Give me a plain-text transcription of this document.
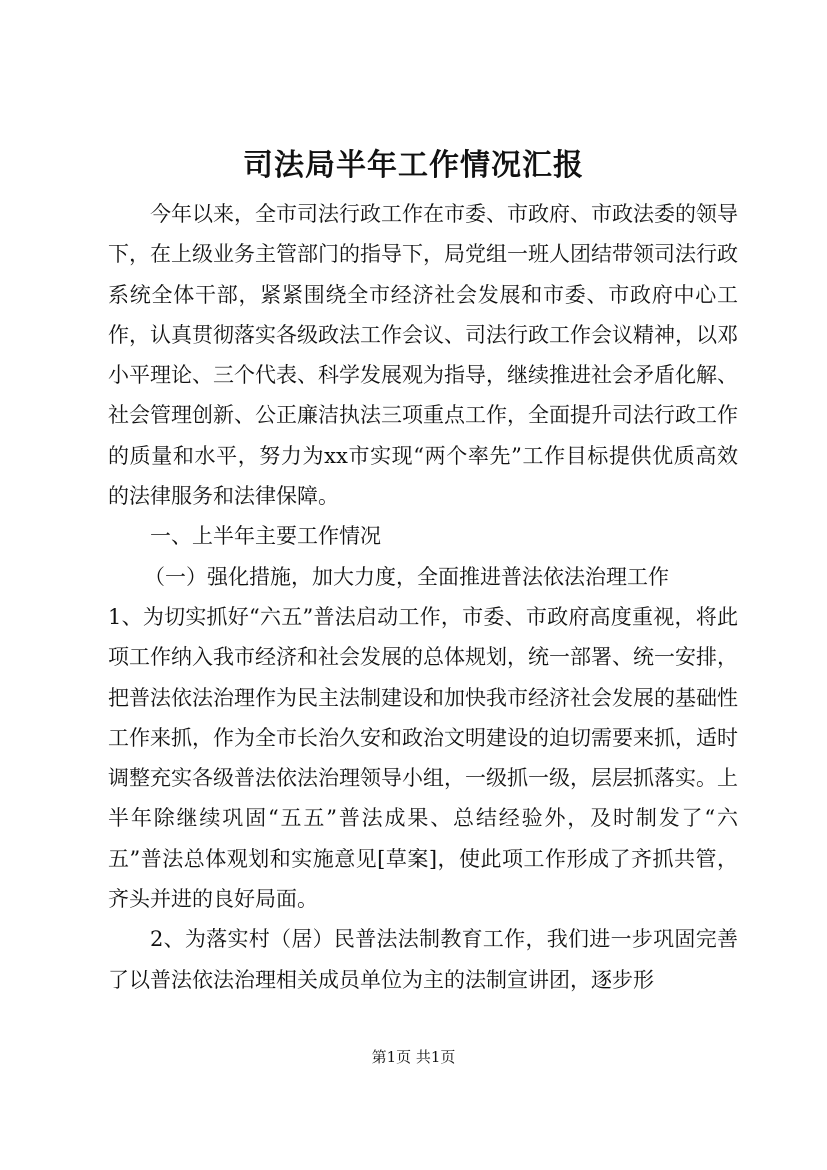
司法局半年工作情况汇报

今年以来，全市司法行政工作在市委、市政府、市政法委的领导下，在上级业务主管部门的指导下，局党组一班人团结带领司法行政系统全体干部，紧紧围绕全市经济社会发展和市委、市政府中心工作，认真贯彻落实各级政法工作会议、司法行政工作会议精神，以邓小平理论、三个代表、科学发展观为指导，继续推进社会矛盾化解、社会管理创新、公正廉洁执法三项重点工作，全面提升司法行政工作的质量和水平，努力为xx市实现“两个率先”工作目标提供优质高效的法律服务和法律保障。

一、上半年主要工作情况

（一）强化措施，加大力度，全面推进普法依法治理工作

1、为切实抓好“六五”普法启动工作，市委、市政府高度重视，将此项工作纳入我市经济和社会发展的总体规划，统一部署、统一安排，把普法依法治理作为民主法制建设和加快我市经济社会发展的基础性工作来抓，作为全市长治久安和政治文明建设的迫切需要来抓，适时调整充实各级普法依法治理领导小组，一级抓一级，层层抓落实。上半年除继续巩固“五五”普法成果、总结经验外，及时制发了“六五”普法总体观划和实施意见[草案]，使此项工作形成了齐抓共管，齐头并进的良好局面。

2、为落实村（居）民普法法制教育工作，我们进一步巩固完善了以普法依法治理相关成员单位为主的法制宣讲团，逐步形

第1页 共1页
